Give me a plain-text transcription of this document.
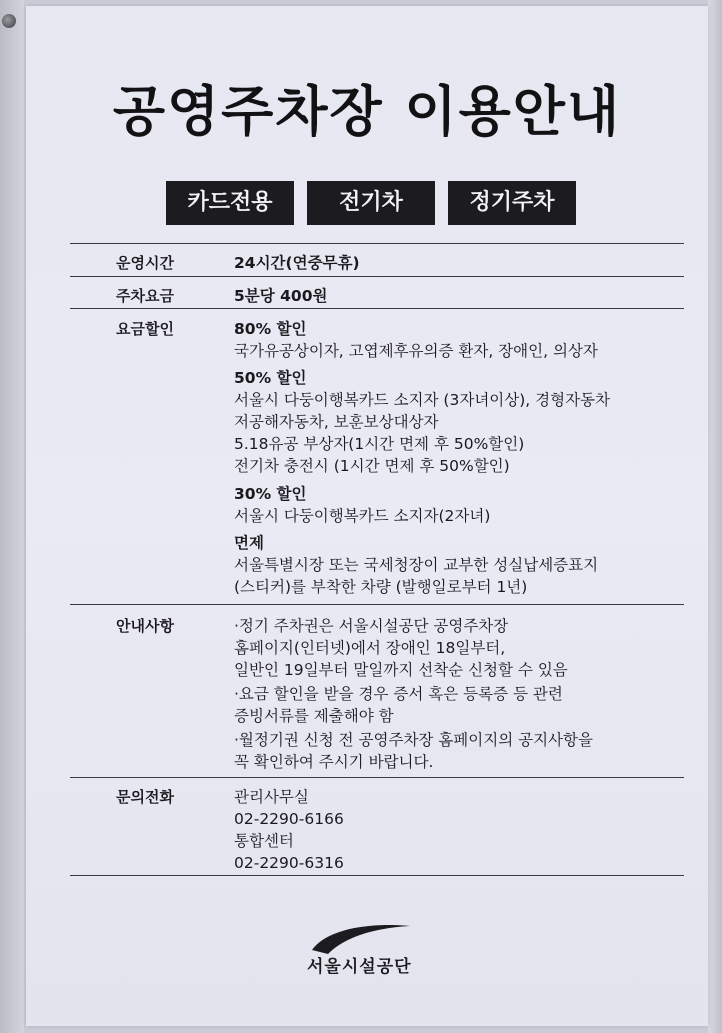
공영주차장 이용안내
카드전용	전기차	정기주차
운영시간	24시간(연중무휴)
주차요금	5분당 400원
요금할인	80% 할인
국가유공상이자, 고엽제후유의증 환자, 장애인, 의상자
50% 할인
서울시 다둥이행복카드 소지자 (3자녀이상), 경형자동차
저공해자동차, 보훈보상대상자
5.18유공 부상자(1시간 면제 후 50%할인)
전기차 충전시 (1시간 면제 후 50%할인)
30% 할인
서울시 다둥이행복카드 소지자(2자녀)
면제
서울특별시장 또는 국세청장이 교부한 성실납세증표지
(스티커)를 부착한 차량 (발행일로부터 1년)
안내사항	·정기 주차권은 서울시설공단 공영주차장
홈페이지(인터넷)에서 장애인 18일부터,
일반인 19일부터 말일까지 선착순 신청할 수 있음
·요금 할인을 받을 경우 증서 혹은 등록증 등 관련
증빙서류를 제출해야 함
·월정기권 신청 전 공영주차장 홈페이지의 공지사항을
꼭 확인하여 주시기 바랍니다.
문의전화	관리사무실
02-2290-6166
통합센터
02-2290-6316
서울시설공단
